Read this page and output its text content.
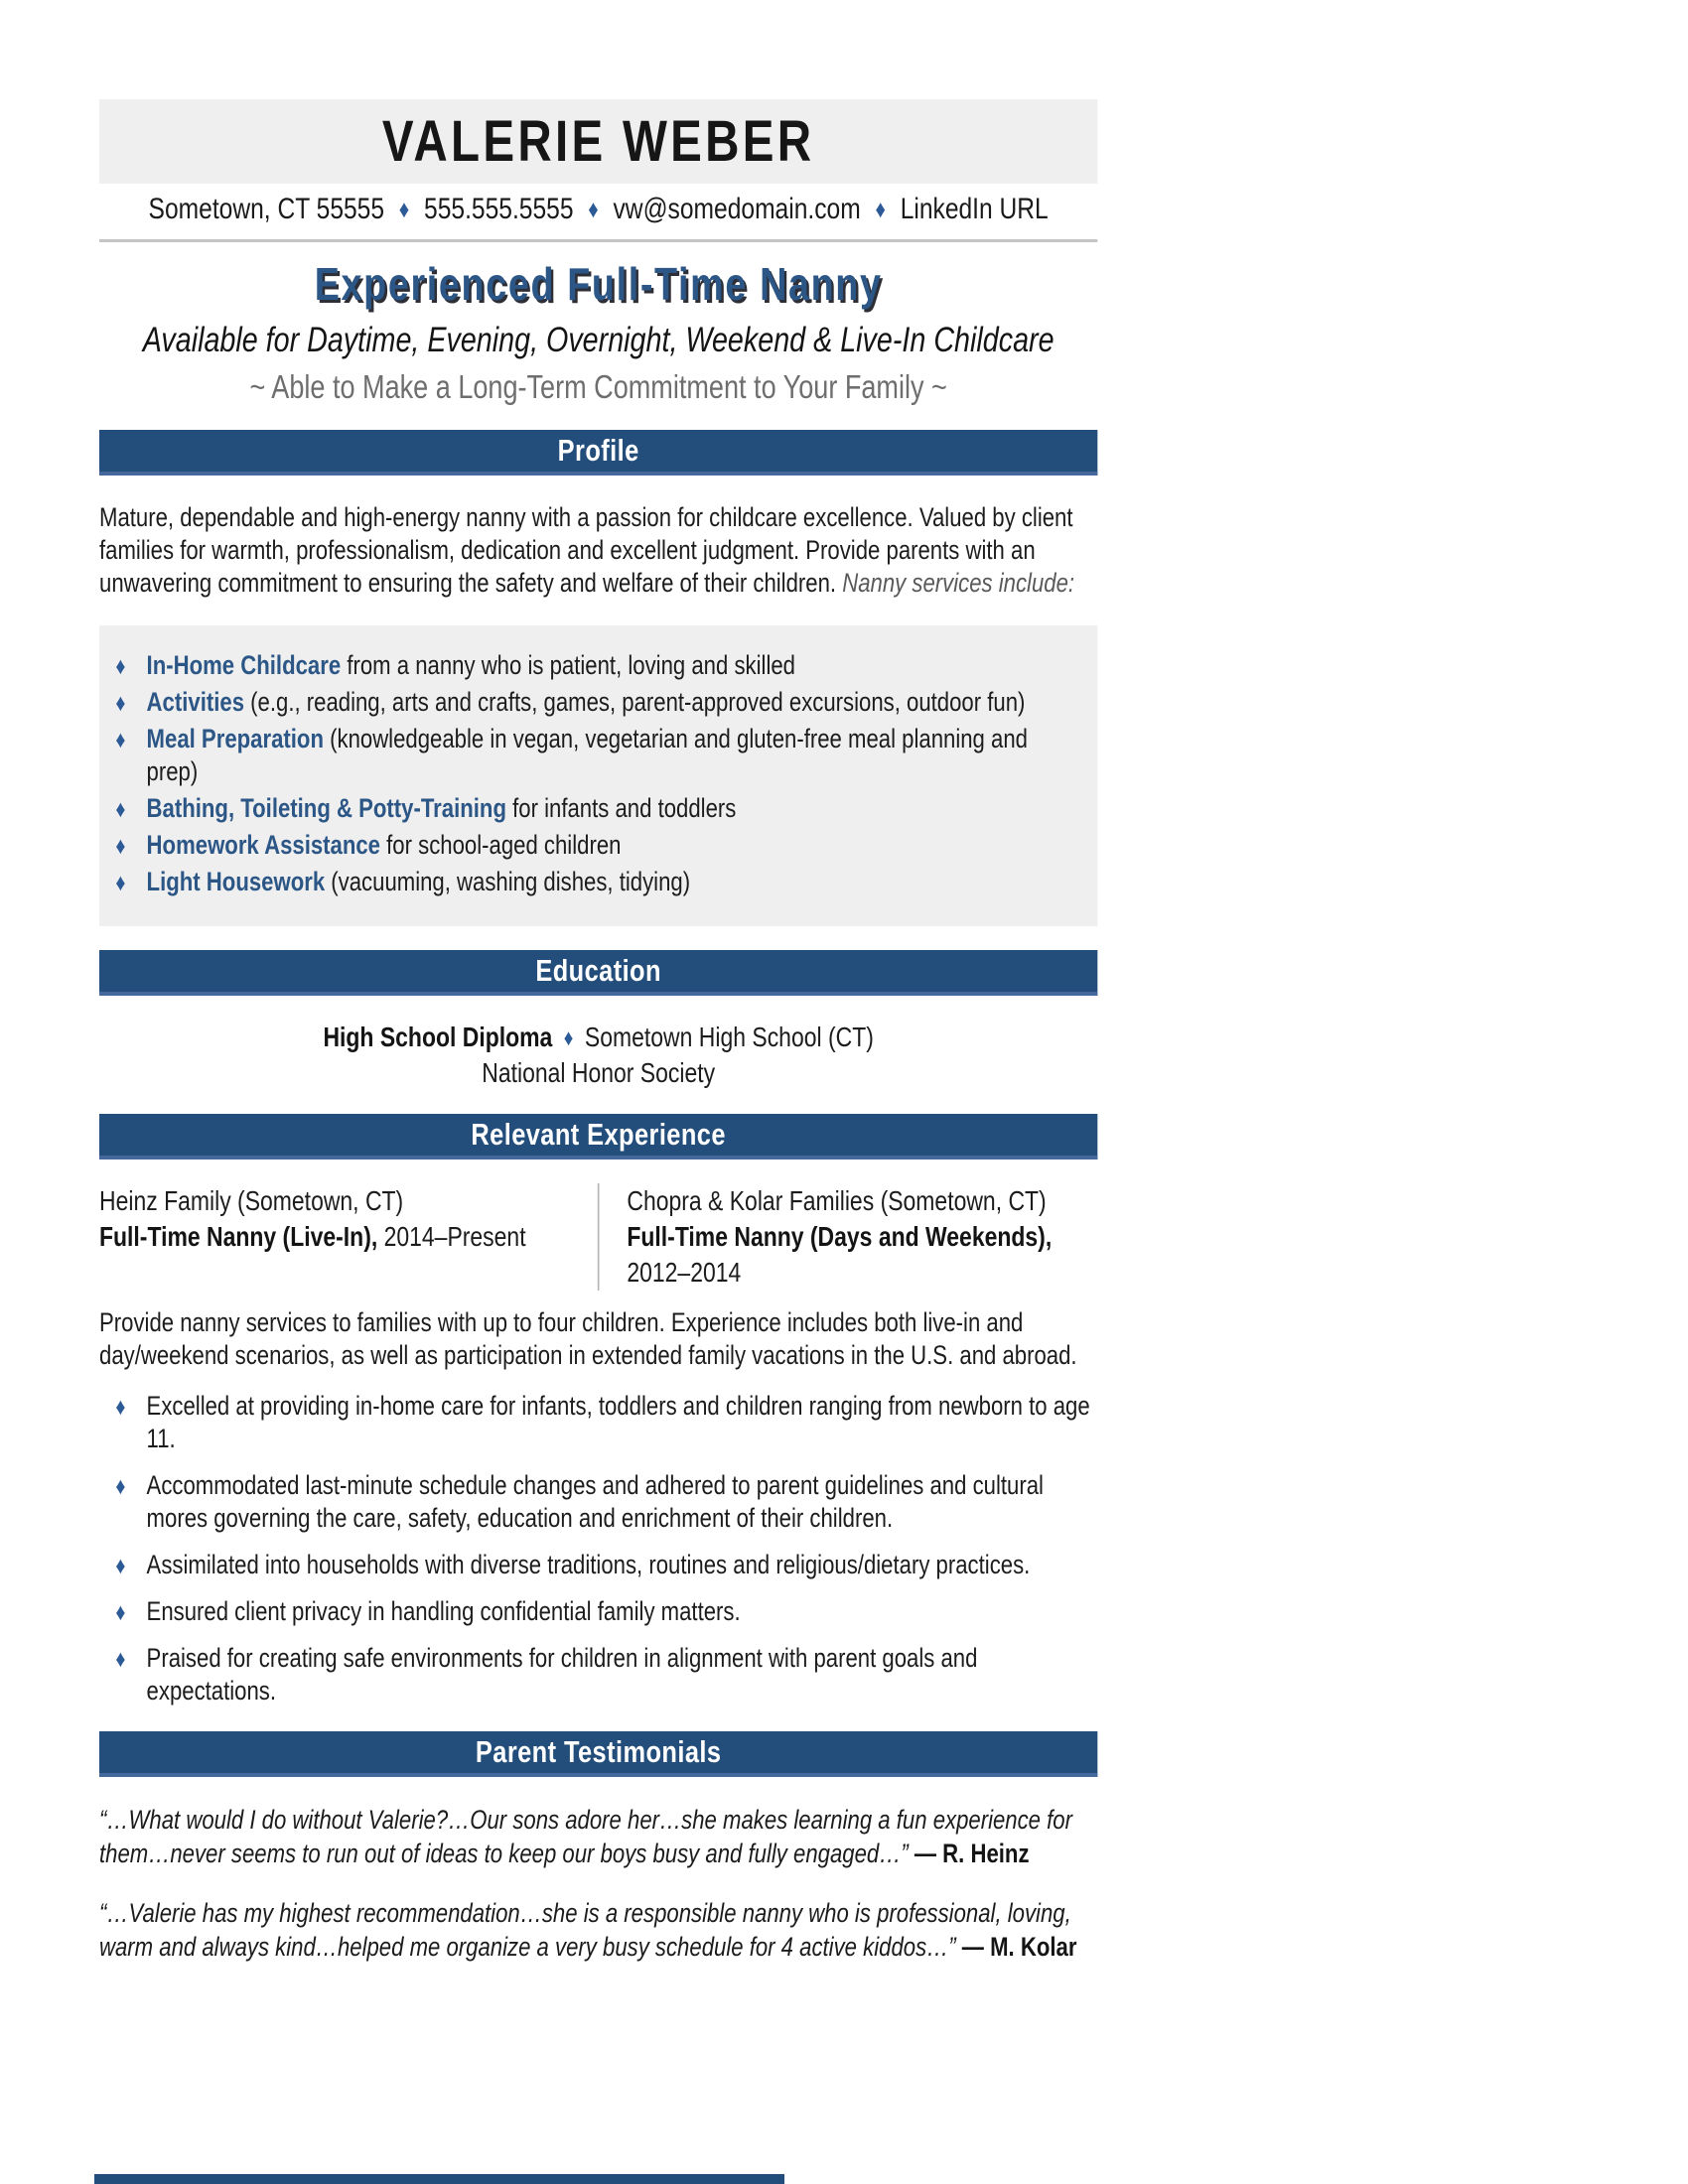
VALERIE WEBER
Sometown, CT 55555 ♦ 555.555.5555 ♦ vw@somedomain.com ♦ LinkedIn URL
Experienced Full-Time Nanny
Available for Daytime, Evening, Overnight, Weekend & Live-In Childcare
~ Able to Make a Long-Term Commitment to Your Family ~
Profile

Mature, dependable and high-energy nanny with a passion for childcare excellence. Valued by client families for warmth, professionalism, dedication and excellent judgment. Provide parents with an unwavering commitment to ensuring the safety and welfare of their children. Nanny services include:

♦ In-Home Childcare from a nanny who is patient, loving and skilled
♦ Activities (e.g., reading, arts and crafts, games, parent-approved excursions, outdoor fun)
♦ Meal Preparation (knowledgeable in vegan, vegetarian and gluten-free meal planning and prep)
♦ Bathing, Toileting & Potty-Training for infants and toddlers
♦ Homework Assistance for school-aged children
♦ Light Housework (vacuuming, washing dishes, tidying)
Education
High School Diploma ♦ Sometown High School (CT)
National Honor Society
Relevant Experience
Heinz Family (Sometown, CT)
Full-Time Nanny (Live-In), 2014–Present
Chopra & Kolar Families (Sometown, CT)
Full-Time Nanny (Days and Weekends), 2012–2014

Provide nanny services to families with up to four children. Experience includes both live-in and day/weekend scenarios, as well as participation in extended family vacations in the U.S. and abroad.

♦ Excelled at providing in-home care for infants, toddlers and children ranging from newborn to age 11.
♦ Accommodated last-minute schedule changes and adhered to parent guidelines and cultural mores governing the care, safety, education and enrichment of their children.
♦ Assimilated into households with diverse traditions, routines and religious/dietary practices.
♦ Ensured client privacy in handling confidential family matters.
♦ Praised for creating safe environments for children in alignment with parent goals and expectations.
Parent Testimonials

“…What would I do without Valerie?…Our sons adore her…she makes learning a fun experience for them…never seems to run out of ideas to keep our boys busy and fully engaged…” — R. Heinz

“…Valerie has my highest recommendation…she is a responsible nanny who is professional, loving, warm and always kind…helped me organize a very busy schedule for 4 active kiddos…” — M. Kolar
